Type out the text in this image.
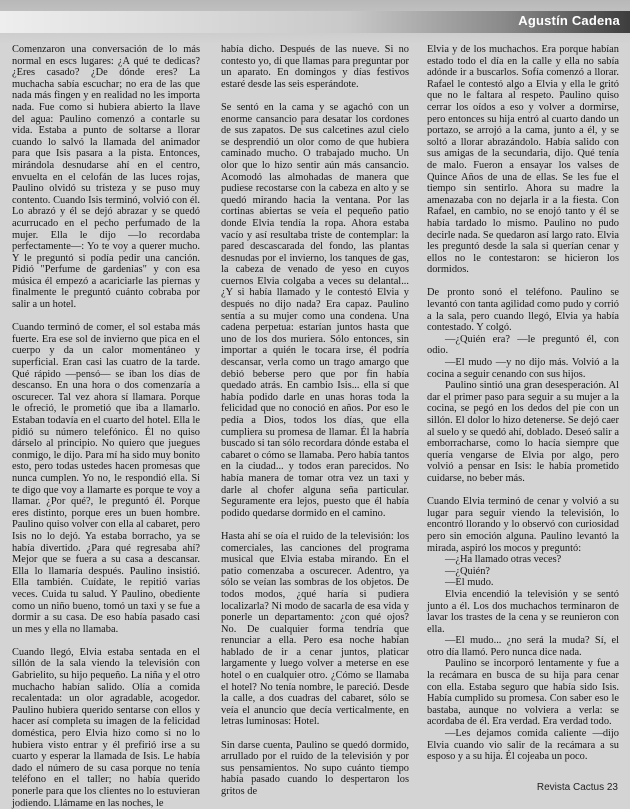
Agustín Cadena

Comenzaron una conversación de lo más normal en escs lugares: ¿A qué te dedicas? ¿Eres casado? ¿De dónde eres? La muchacha sabía escuchar; no era de las que nada más fingen y en realidad no les importa nada. Fue como si hubiera abierto la llave del agua: Paulino comenzó a contarle su vida. Estaba a punto de soltarse a llorar cuando lo salvó la llamada del animador para que Isis pasara a la pista. Entonces, mirándola desnudarse ahí en el centro, envuelta en el celofán de las luces rojas, Paulino olvidó su tristeza y se puso muy contento. Cuando Isis terminó, volvió con él. Lo abrazó y él se dejó abrazar y se quedó acurrucado en el pecho perfumado de la mujer. Ella le dijo —lo recordaba perfectamente—: Yo te voy a querer mucho. Y le preguntó si podía pedir una canción. Pidió "Perfume de gardenias" y con esa música él empezó a acariciarle las piernas y finalmente le preguntó cuánto cobraba por salir a un hotel.

Cuando terminó de comer, el sol estaba más fuerte. Era ese sol de invierno que pica en el cuerpo y da un calor momentáneo y superficial. Eran casi las cuatro de la tarde. Qué rápido —pensó— se iban los días de descanso. En una hora o dos comenzaría a oscurecer. Tal vez ahora sí llamara. Porque le ofreció, le prometió que iba a llamarlo. Estaban todavía en el cuarto del hotel. Ella le pidió su número telefónico. Él no quiso dárselo al principio. No quiero que juegues conmigo, le dijo. Para mí ha sido muy bonito esto, pero todas ustedes hacen promesas que nunca cumplen. Yo no, le respondió ella. Si te digo que voy a llamarte es porque te voy a llamar. ¿Por qué?, le preguntó él. Porque eres distinto, porque eres un buen hombre. Paulino quiso volver con ella al cabaret, pero Isis no lo dejó. Ya estaba borracho, ya se había divertido. ¿Para qué regresaba ahí? Mejor que se fuera a su casa a descansar. Ella lo llamaría después. Paulino insistió. Ella también. Cuídate, le repitió varias veces. Cuida tu salud. Y Paulino, obediente como un niño bueno, tomó un taxi y se fue a dormir a su casa. De eso había pasado casi un mes y ella no llamaba.

Cuando llegó, Elvia estaba sentada en el sillón de la sala viendo la televisión con Gabrielito, su hijo pequeño. La niña y el otro muchacho habían salido. Olía a comida recalentada: un olor agradable, acogedor. Paulino hubiera querido sentarse con ellos y hacer así completa su imagen de la felicidad doméstica, pero Elvia hizo como si no lo hubiera visto entrar y él prefirió irse a su cuarto y esperar la llamada de Isis. Le había dado el número de su casa porque no tenía teléfono en el taller; no había querido ponerle para que los clientes no lo estuvieran jodiendo. Llámame en las noches, le

había dicho. Después de las nueve. Si no contesto yo, di que llamas para preguntar por un aparato. En domingos y días festivos estaré desde las seis esperándote.

Se sentó en la cama y se agachó con un enorme cansancio para desatar los cordones de sus zapatos. De sus calcetines azul cielo se desprendió un olor como de que hubiera caminado mucho. O trabajado mucho. Un olor que lo hizo sentir aún más cansancio. Acomodó las almohadas de manera que pudiese recostarse con la cabeza en alto y se quedó mirando hacia la ventana. Por las cortinas abiertas se veía el pequeño patio donde Elvia tendía la ropa. Ahora estaba vacío y así resultaba triste de contemplar: la pared descascarada del fondo, las plantas desnudas por el invierno, los tanques de gas, la cabeza de venado de yeso en cuyos cuernos Elvia colgaba a veces su delantal... ¿Y si había llamado y le contestó Elvia y después no dijo nada? Era capaz. Paulino sentía a su mujer como una condena. Una cadena perpetua: estarían juntos hasta que uno de los dos muriera. Sólo entonces, sin importar a quién le tocara irse, él podría descansar, verla como un trago amargo que debió beberse pero que por fin había quedado atrás. En cambio Isis... ella sí que había podido darle en unas horas toda la felicidad que no conoció en años. Por eso le pedía a Dios, todos los días, que ella cumpliera su promesa de llamar. Él la habría buscado si tan sólo recordara dónde estaba el cabaret o cómo se llamaba. Pero había tantos en la ciudad... y todos eran parecidos. No había manera de tomar otra vez un taxi y darle al chofer alguna seña particular. Seguramente era lejos, puesto que él había podido quedarse dormido en el camino.

Hasta ahí se oía el ruido de la televisión: los comerciales, las canciones del programa musical que Elvia estaba mirando. En el patio comenzaba a oscurecer. Adentro, ya sólo se veían las sombras de los objetos. De todos modos, ¿qué haría si pudiera localizarla? Ni modo de sacarla de esa vida y ponerle un departamento: ¿con qué ojos? No. De cualquier forma tendría que renunciar a ella. Pero esa noche habían hablado de ir a cenar juntos, platicar largamente y luego volver a meterse en ese hotel o en cualquier otro. ¿Cómo se llamaba el hotel? No tenía nombre, le pareció. Desde la calle, a dos cuadras del cabaret, sólo se veía el anuncio que decía verticalmente, en letras luminosas: Hotel.

Sin darse cuenta, Paulino se quedó dormido, arrullado por el ruido de la televisión y por sus pensamientos. No supo cuánto tiempo había pasado cuando lo despertaron los gritos de

Elvia y de los muchachos. Era porque habían estado todo el día en la calle y ella no sabía adónde ir a buscarlos. Sofía comenzó a llorar. Rafael le contestó algo a Elvia y ella le gritó que no le faltara al respeto. Paulino quiso cerrar los oídos a eso y volver a dormirse, pero entonces su hija entró al cuarto dando un portazo, se arrojó a la cama, junto a él, y se soltó a llorar abrazándolo. Había salido con sus amigas de la secundaria, dijo. Qué tenía de malo. Fueron a ensayar los valses de Quince Años de una de ellas. Se les fue el tiempo sin sentirlo. Ahora su madre la amenazaba con no dejarla ir a la fiesta. Con Rafael, en cambio, no se enojó tanto y él se había tardado lo mismo. Paulino no pudo decirle nada. Se quedaron así largo rato. Elvia les preguntó desde la sala si querían cenar y ellos no le contestaron: se hicieron los dormidos.

De pronto sonó el teléfono. Paulino se levantó con tanta agilidad como pudo y corrió a la sala, pero cuando llegó, Elvia ya había contestado. Y colgó.

—¿Quién era? —le preguntó él, con odio.

—El mudo —y no dijo más. Volvió a la cocina a seguir cenando con sus hijos.

Paulino sintió una gran desesperación. Al dar el primer paso para seguir a su mujer a la cocina, se pegó en los dedos del pie con un sillón. El dolor lo hizo detenerse. Se dejó caer al suelo y se quedó ahí, doblado. Deseó salir a emborracharse, como lo hacía siempre que quería vengarse de Elvia por algo, pero volvió a pensar en Isis: le había prometido cuidarse, no beber más.

Cuando Elvia terminó de cenar y volvió a su lugar para seguir viendo la televisión, lo encontró llorando y lo observó con curiosidad pero sin emoción alguna. Paulino levantó la mirada, aspiró los mocos y preguntó:

—¿Ha llamado otras veces?

—¿Quién?

—El mudo.

Elvia encendió la televisión y se sentó junto a él. Los dos muchachos terminaron de lavar los trastes de la cena y se reunieron con ella.

—El mudo... ¿no será la muda? Sí, el otro día llamó. Pero nunca dice nada.

Paulino se incorporó lentamente y fue a la recámara en busca de su hija para cenar con ella. Estaba seguro que había sido Isis. Había cumplido su promesa. Con saber eso le bastaba, aunque no volviera a verla: se acordaba de él. Era verdad. Era verdad todo.

—Les dejamos comida caliente —dijo Elvia cuando vio salir de la recámara a su esposo y a su hija. Él cojeaba un poco.

Revista Cactus 23
